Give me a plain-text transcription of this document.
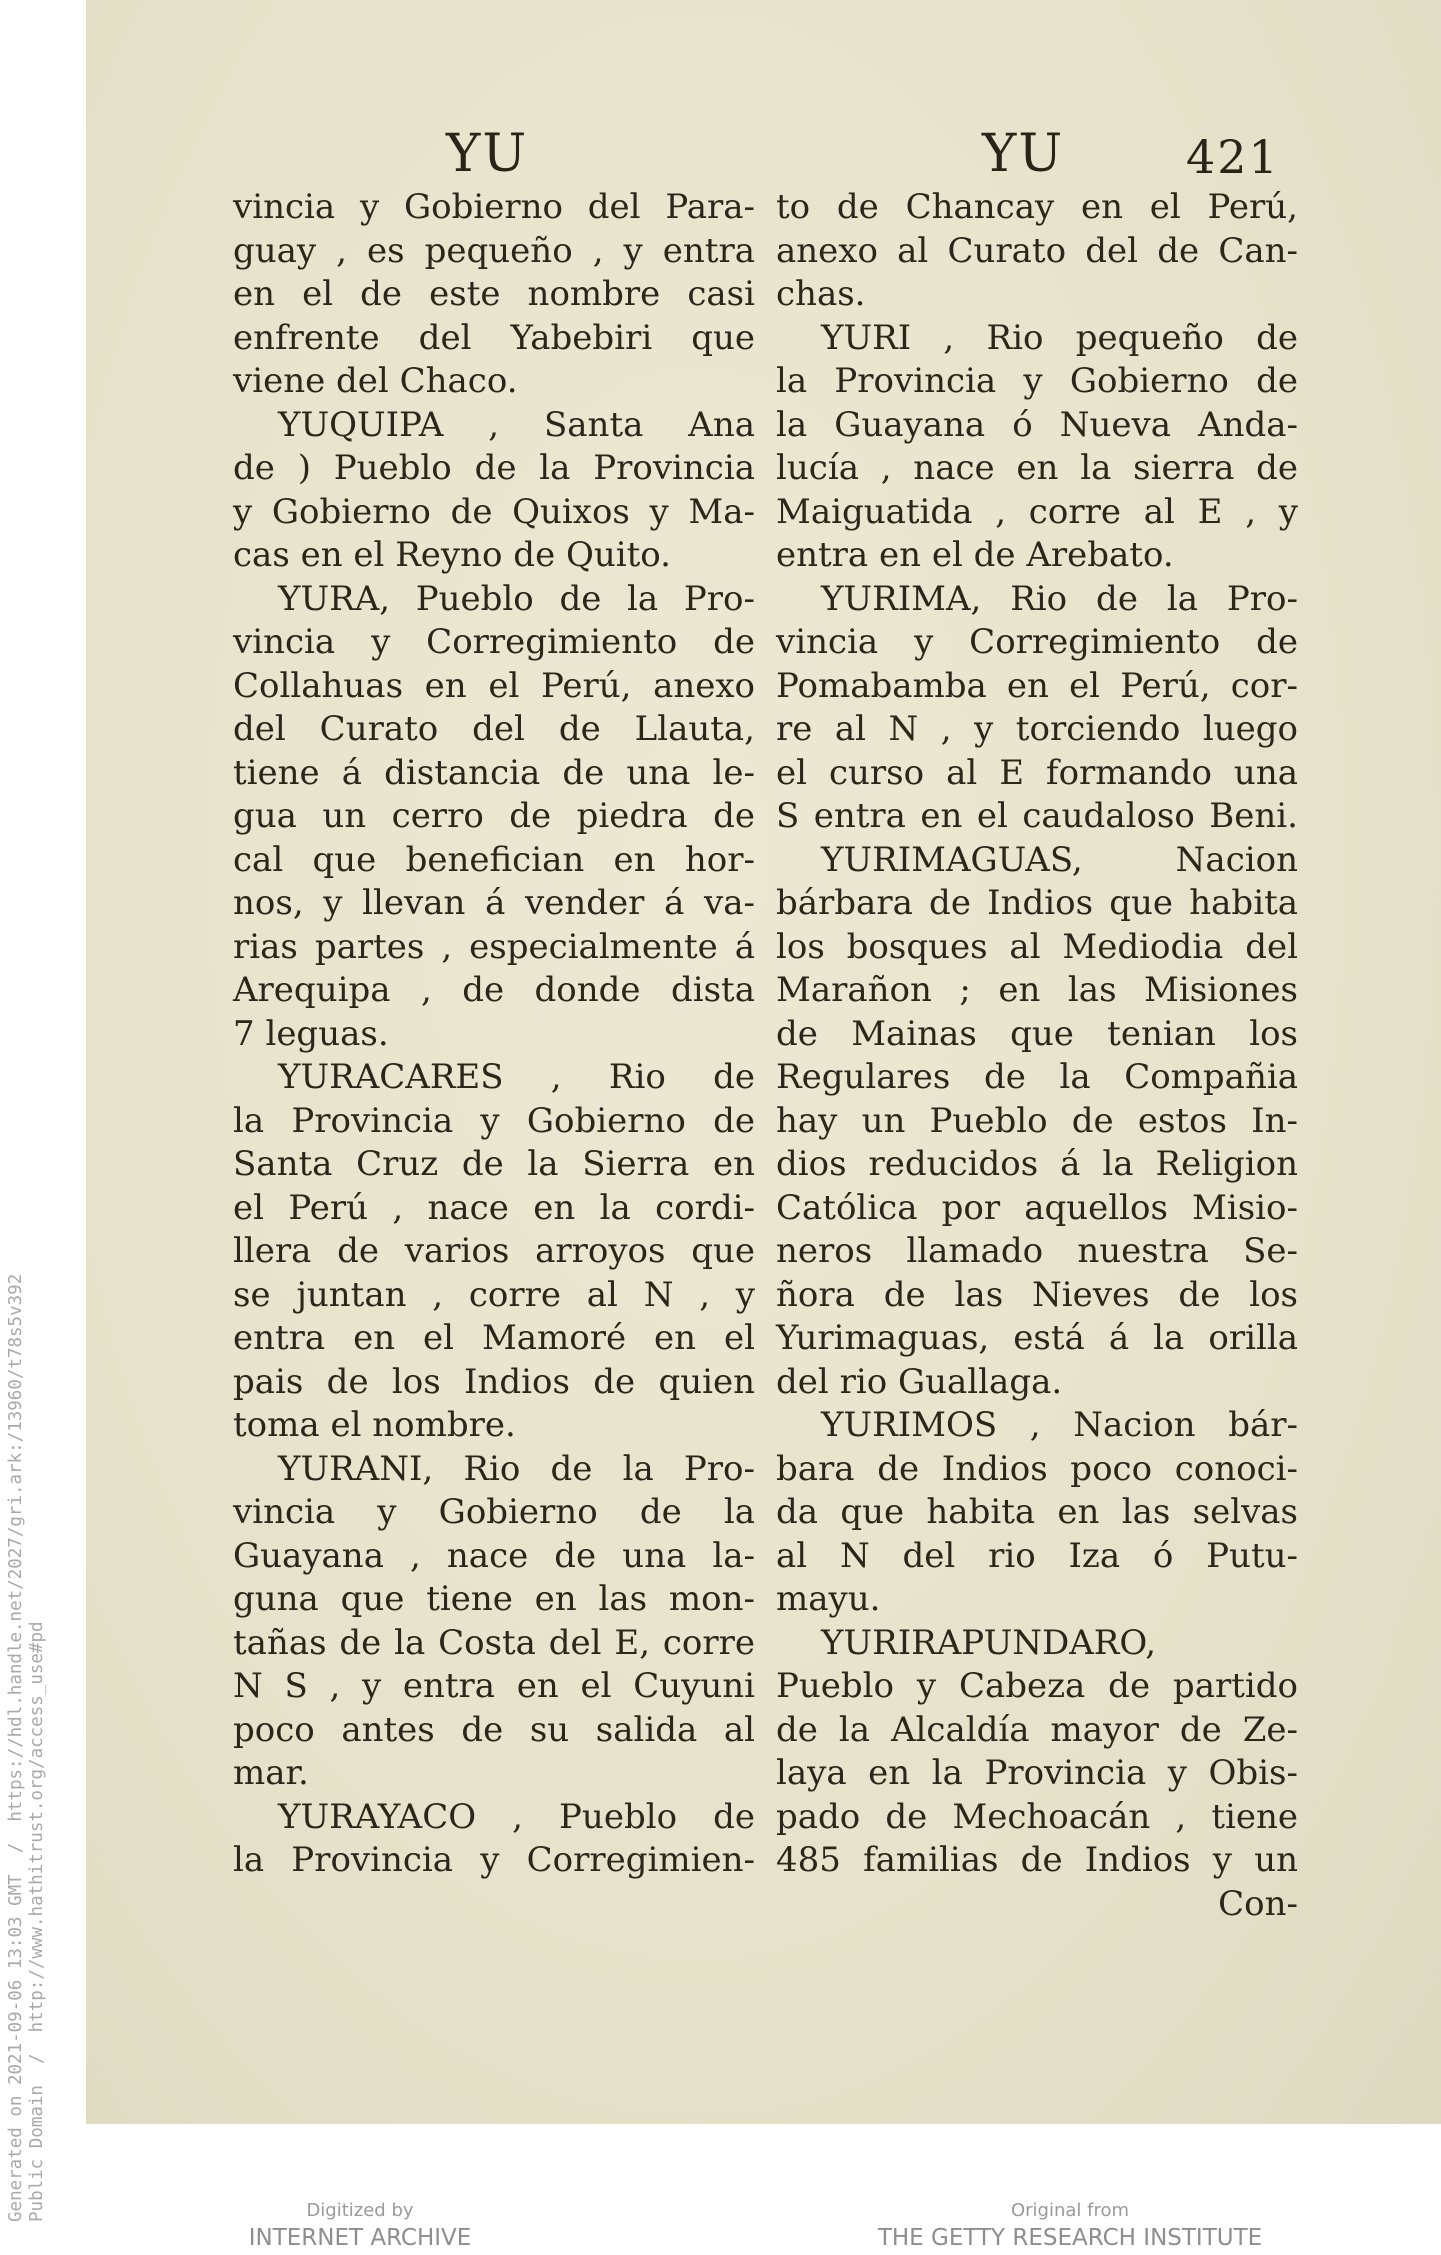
Generated on 2021-09-06 13:03 GMT  /  https://hdl.handle.net/2027/gri.ark:/13960/t78s5v392
Public Domain  /  http://www.hathitrust.org/access_use#pd
YU	YU	421
vincia y Gobierno del Para-
guay , es pequeño , y entra
en el de este nombre casi
enfrente del Yabebiri que
viene del Chaco.
YUQUIPA , Santa Ana
de ) Pueblo de la Provincia
y Gobierno de Quixos y Ma-
cas en el Reyno de Quito.
YURA, Pueblo de la Pro-
vincia y Corregimiento de
Collahuas en el Perú, anexo
del Curato del de Llauta,
tiene á distancia de una le-
gua un cerro de piedra de
cal que benefician en hor-
nos, y llevan á vender á va-
rias partes , especialmente á
Arequipa , de donde dista
7 leguas.
YURACARES , Rio de
la Provincia y Gobierno de
Santa Cruz de la Sierra en
el Perú , nace en la cordi-
llera de varios arroyos que
se juntan , corre al N , y
entra en el Mamoré en el
pais de los Indios de quien
toma el nombre.
YURANI, Rio de la Pro-
vincia y Gobierno de la
Guayana , nace de una la-
guna que tiene en las mon-
tañas de la Costa del E, corre
N S , y entra en el Cuyuni
poco antes de su salida al
mar.
YURAYACO , Pueblo de
la Provincia y Corregimien-
to de Chancay en el Perú,
anexo al Curato del de Can-
chas.
YURI , Rio pequeño de
la Provincia y Gobierno de
la Guayana ó Nueva Anda-
lucía , nace en la sierra de
Maiguatida , corre al E , y
entra en el de Arebato.
YURIMA, Rio de la Pro-
vincia y Corregimiento de
Pomabamba en el Perú, cor-
re al N , y torciendo luego
el curso al E formando una
S entra en el caudaloso Beni.
YURIMAGUAS, Nacion
bárbara de Indios que habita
los bosques al Mediodia del
Marañon ; en las Misiones
de Mainas que tenian los
Regulares de la Compañia
hay un Pueblo de estos In-
dios reducidos á la Religion
Católica por aquellos Misio-
neros llamado nuestra Se-
ñora de las Nieves de los
Yurimaguas, está á la orilla
del rio Guallaga.
YURIMOS , Nacion bár-
bara de Indios poco conoci-
da que habita en las selvas
al N del rio Iza ó Putu-
mayu.
YURIRAPUNDARO,
Pueblo y Cabeza de partido
de la Alcaldía mayor de Ze-
laya en la Provincia y Obis-
pado de Mechoacán , tiene
485 familias de Indios y un
Con-
Digitized by
INTERNET ARCHIVE
Original from
THE GETTY RESEARCH INSTITUTE
